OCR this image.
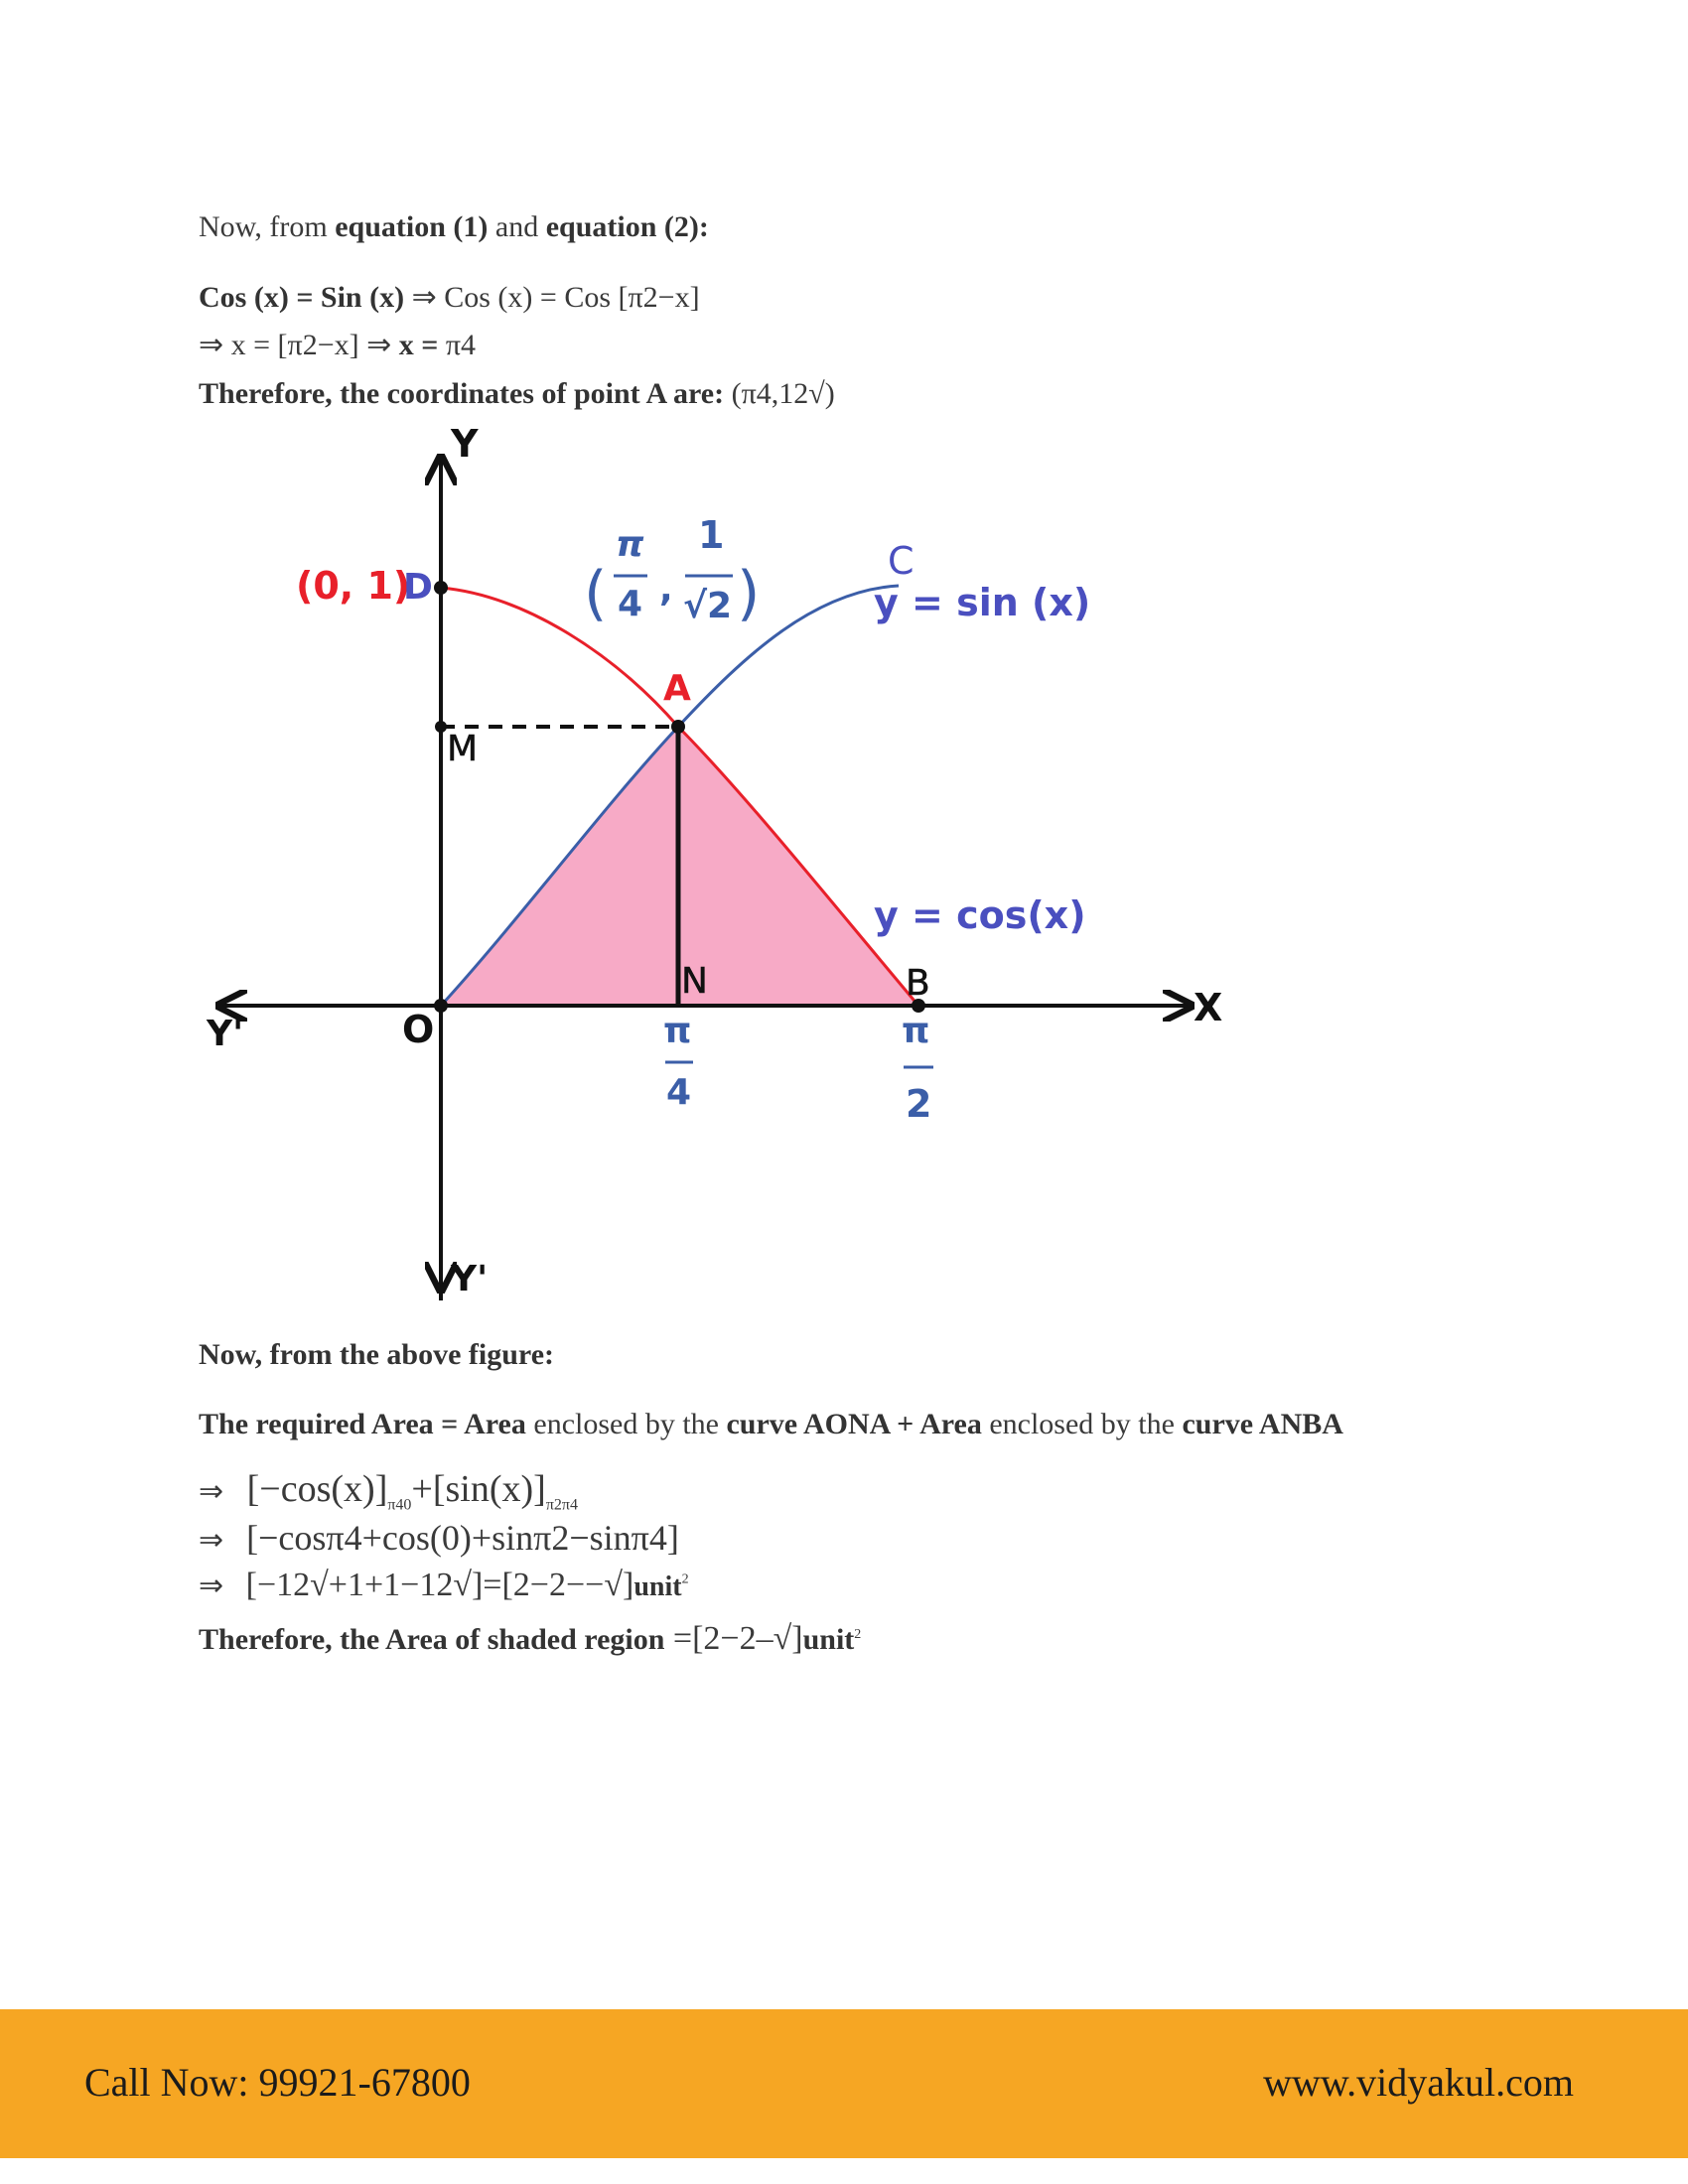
Now, from equation (1) and equation (2):
Cos (x) = Sin (x) ⇒ Cos (x) = Cos [π2−x]
⇒ x = [π2−x] ⇒ x = π4
Therefore, the coordinates of point A are: (π4,12√)
Y
Y'
X
Y'	O
(0, 1)
D
M
A
(
π
4 ,
1
√2 )	C
y = sin (x)
y = cos(x)
N	B
π
4
π
2
Now, from the above figure:
The required Area = Area enclosed by the curve AONA + Area enclosed by the curve ANBA
⇒ $[-\cos(x)]_{\pi 40}+[\sin(x)]_{\pi 2\pi 4}$
⇒ [−cosπ4+cos(0)+sinπ2−sinπ4]
⇒ [−12√+1+1−12√]=[2−2−−√]unit$^2$
Therefore, the Area of shaded region =[2−2–√]unit$^2$
Call Now: 99921-67800	www.vidyakul.com
